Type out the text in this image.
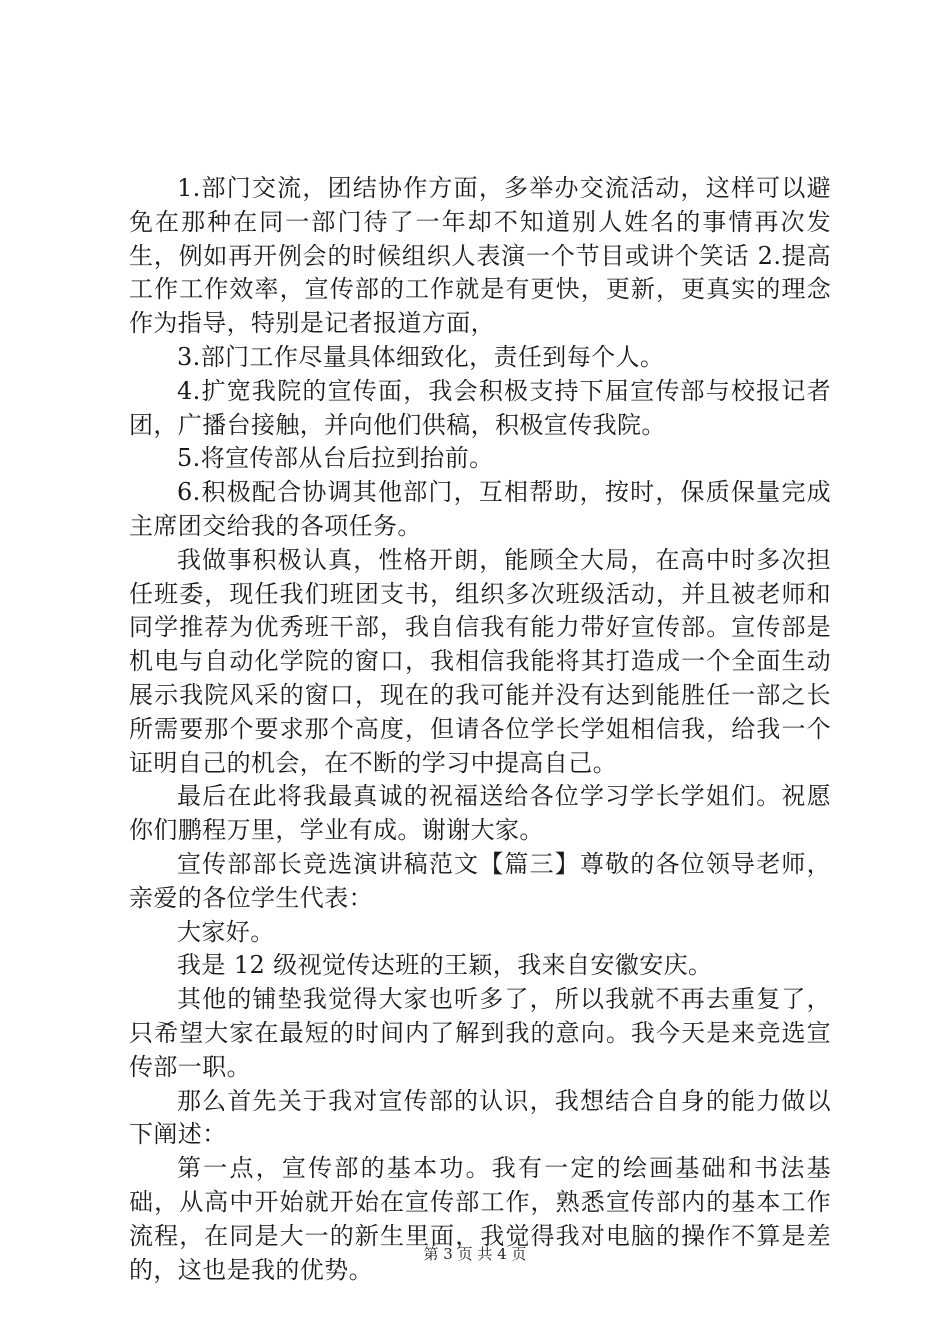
1.部门交流，团结协作方面，多举办交流活动，这样可以避免在那种在同一部门待了一年却不知道别人姓名的事情再次发生，例如再开例会的时候组织人表演一个节目或讲个笑话 2.提高工作工作效率，宣传部的工作就是有更快，更新，更真实的理念作为指导，特别是记者报道方面，

3.部门工作尽量具体细致化，责任到每个人。

4.扩宽我院的宣传面，我会积极支持下届宣传部与校报记者团，广播台接触，并向他们供稿，积极宣传我院。

5.将宣传部从台后拉到抬前。

6.积极配合协调其他部门，互相帮助，按时，保质保量完成主席团交给我的各项任务。

我做事积极认真，性格开朗，能顾全大局，在高中时多次担任班委，现任我们班团支书，组织多次班级活动，并且被老师和同学推荐为优秀班干部，我自信我有能力带好宣传部。宣传部是机电与自动化学院的窗口，我相信我能将其打造成一个全面生动展示我院风采的窗口，现在的我可能并没有达到能胜任一部之长所需要那个要求那个高度，但请各位学长学姐相信我，给我一个证明自己的机会，在不断的学习中提高自己。

最后在此将我最真诚的祝福送给各位学习学长学姐们。祝愿你们鹏程万里，学业有成。谢谢大家。

宣传部部长竞选演讲稿范文【篇三】尊敬的各位领导老师，亲爱的各位学生代表：

大家好。

我是 12 级视觉传达班的王颖，我来自安徽安庆。

其他的铺垫我觉得大家也听多了，所以我就不再去重复了，只希望大家在最短的时间内了解到我的意向。我今天是来竞选宣传部一职。

那么首先关于我对宣传部的认识，我想结合自身的能力做以下阐述：

第一点，宣传部的基本功。我有一定的绘画基础和书法基础，从高中开始就开始在宣传部工作，熟悉宣传部内的基本工作流程，在同是大一的新生里面，我觉得我对电脑的操作不算是差的，这也是我的优势。

第 3 页 共 4 页
